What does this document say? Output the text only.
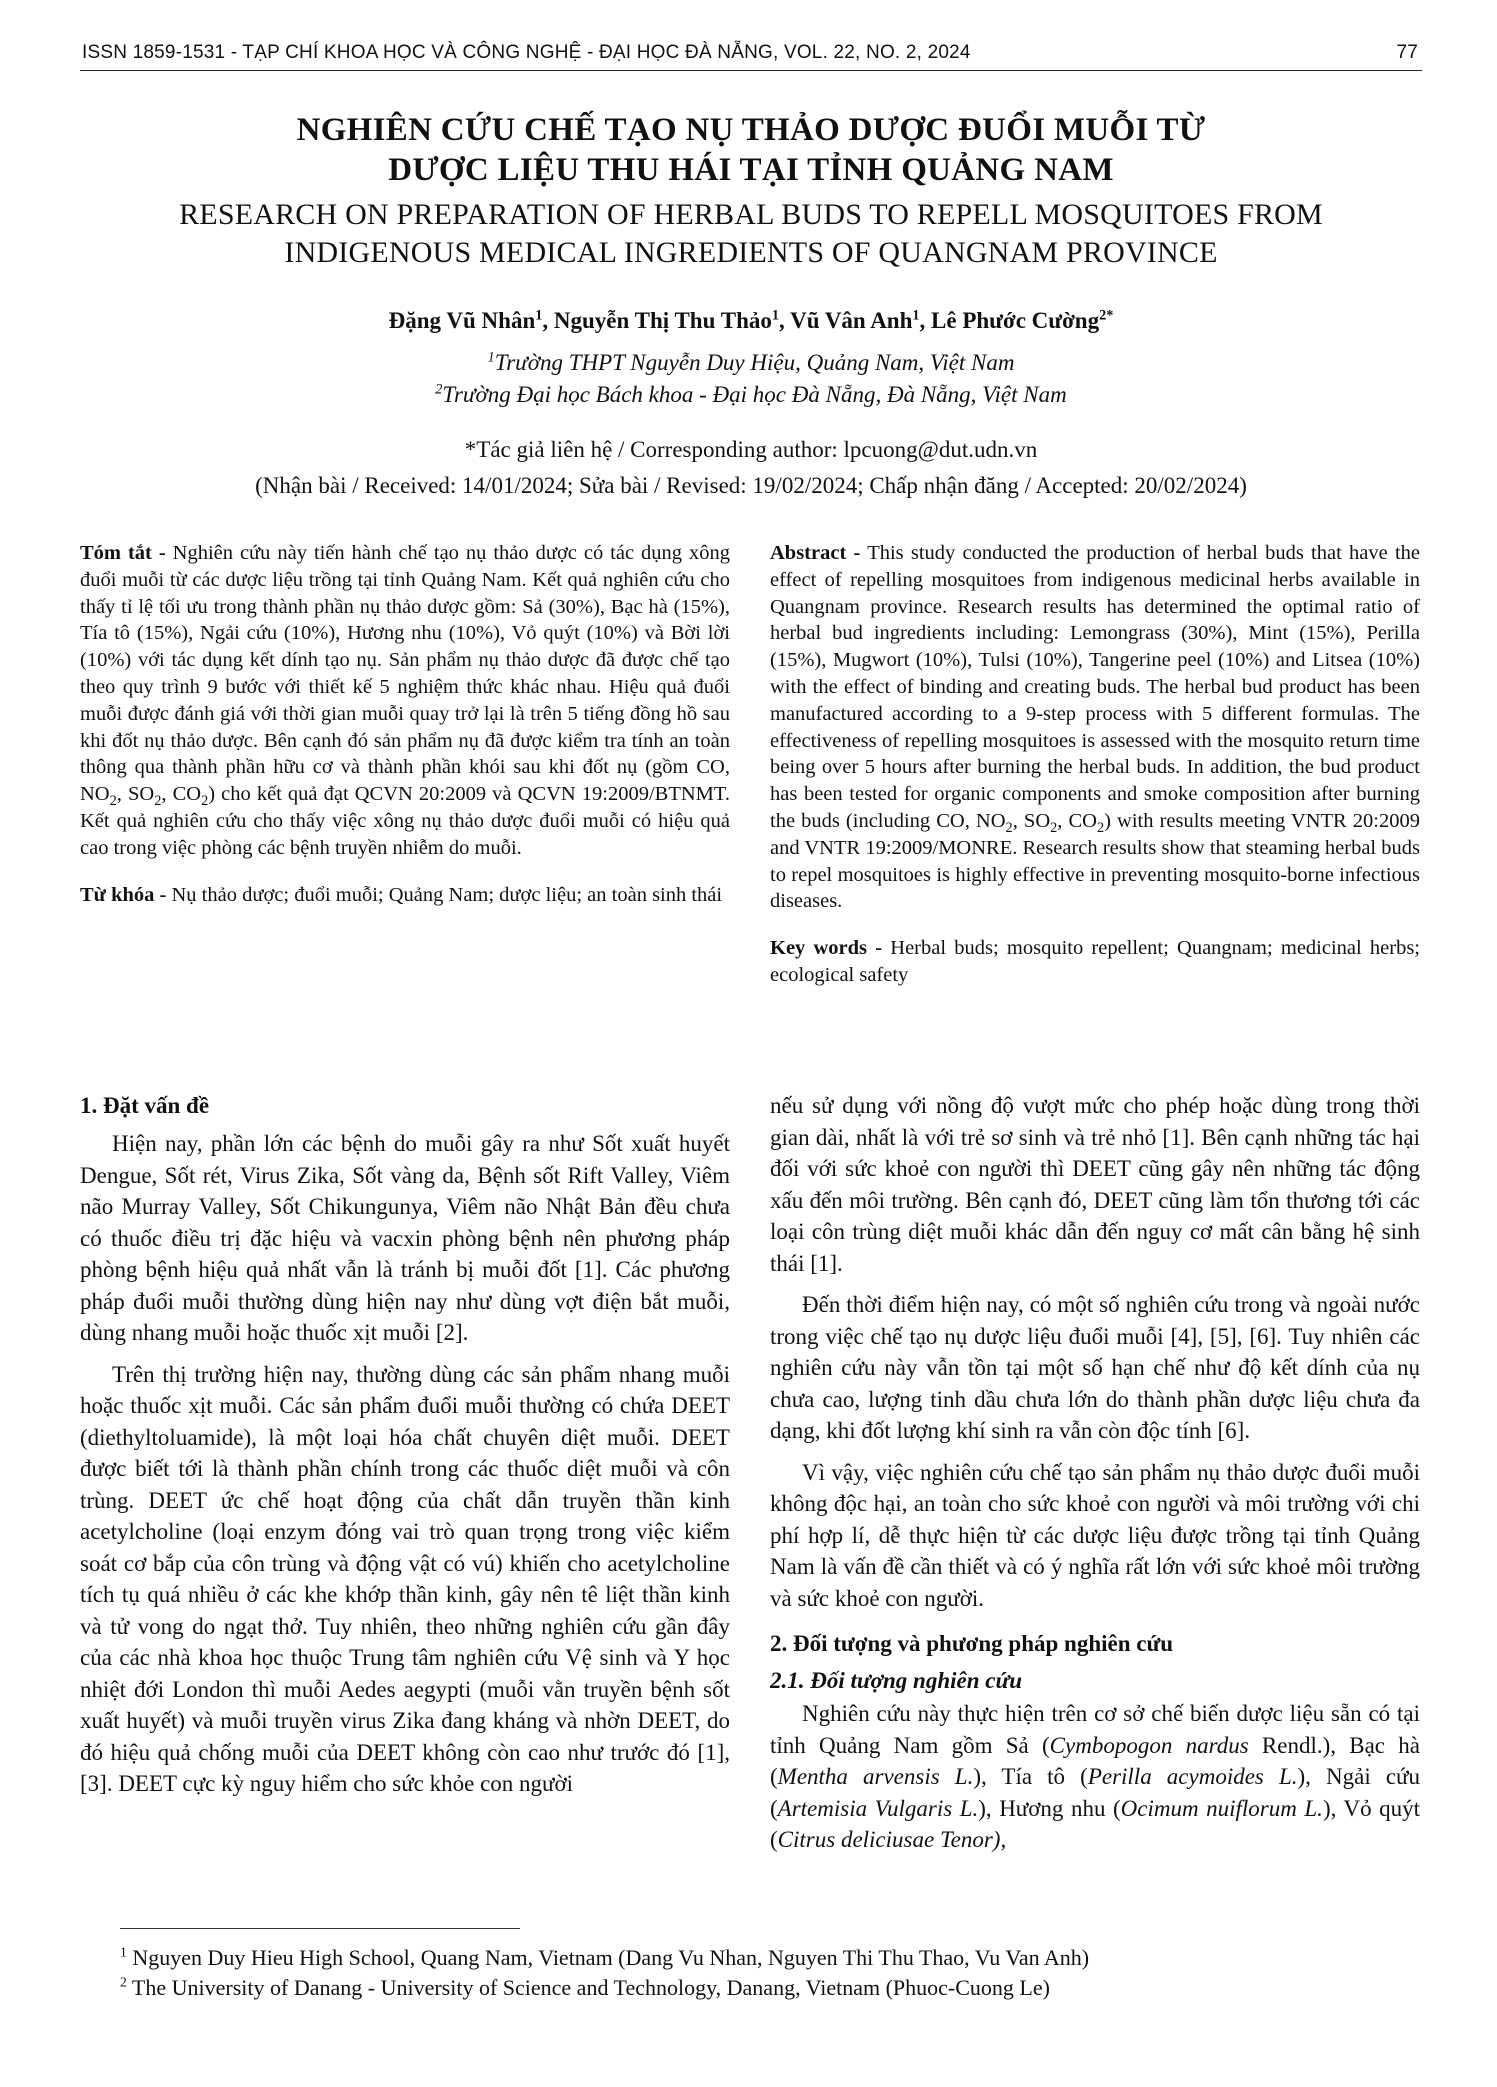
ISSN 1859-1531 - TẠP CHÍ KHOA HỌC VÀ CÔNG NGHỆ - ĐẠI HỌC ĐÀ NẴNG, VOL. 22, NO. 2, 2024	77
NGHIÊN CỨU CHẾ TẠO NỤ THẢO DƯỢC ĐUỔI MUỖI TỪ
DƯỢC LIỆU THU HÁI TẠI TỈNH QUẢNG NAM
RESEARCH ON PREPARATION OF HERBAL BUDS TO REPELL MOSQUITOES FROM
INDIGENOUS MEDICAL INGREDIENTS OF QUANGNAM PROVINCE
Đặng Vũ Nhân$^1$, Nguyễn Thị Thu Thảo$^1$, Vũ Vân Anh$^1$, Lê Phước Cường$^{2*}$
$^1$Trường THPT Nguyễn Duy Hiệu, Quảng Nam, Việt Nam
$^2$Trường Đại học Bách khoa - Đại học Đà Nẵng, Đà Nẵng, Việt Nam
*Tác giả liên hệ / Corresponding author: lpcuong@dut.udn.vn
(Nhận bài / Received: 14/01/2024; Sửa bài / Revised: 19/02/2024; Chấp nhận đăng / Accepted: 20/02/2024)

Tóm tắt - Nghiên cứu này tiến hành chế tạo nụ thảo dược có tác dụng xông đuổi muỗi từ các dược liệu trồng tại tỉnh Quảng Nam. Kết quả nghiên cứu cho thấy tỉ lệ tối ưu trong thành phần nụ thảo dược gồm: Sả (30%), Bạc hà (15%), Tía tô (15%), Ngải cứu (10%), Hương nhu (10%), Vỏ quýt (10%) và Bời lời (10%) với tác dụng kết dính tạo nụ. Sản phẩm nụ thảo dược đã được chế tạo theo quy trình 9 bước với thiết kế 5 nghiệm thức khác nhau. Hiệu quả đuổi muỗi được đánh giá với thời gian muỗi quay trở lại là trên 5 tiếng đồng hồ sau khi đốt nụ thảo dược. Bên cạnh đó sản phẩm nụ đã được kiểm tra tính an toàn thông qua thành phần hữu cơ và thành phần khói sau khi đốt nụ (gồm CO, $NO_2$, $SO_2$, $CO_2$) cho kết quả đạt QCVN 20:2009 và QCVN 19:2009/BTNMT. Kết quả nghiên cứu cho thấy việc xông nụ thảo dược đuổi muỗi có hiệu quả cao trong việc phòng các bệnh truyền nhiễm do muỗi.

Từ khóa - Nụ thảo dược; đuổi muỗi; Quảng Nam; dược liệu; an toàn sinh thái

Abstract - This study conducted the production of herbal buds that have the effect of repelling mosquitoes from indigenous medicinal herbs available in Quangnam province. Research results has determined the optimal ratio of herbal bud ingredients including: Lemongrass (30%), Mint (15%), Perilla (15%), Mugwort (10%), Tulsi (10%), Tangerine peel (10%) and Litsea (10%) with the effect of binding and creating buds. The herbal bud product has been manufactured according to a 9-step process with 5 different formulas. The effectiveness of repelling mosquitoes is assessed with the mosquito return time being over 5 hours after burning the herbal buds. In addition, the bud product has been tested for organic components and smoke composition after burning the buds (including CO, $NO_2$, $SO_2$, $CO_2$) with results meeting VNTR 20:2009 and VNTR 19:2009/MONRE. Research results show that steaming herbal buds to repel mosquitoes is highly effective in preventing mosquito-borne infectious diseases.

Key words - Herbal buds; mosquito repellent; Quangnam; medicinal herbs; ecological safety

1. Đặt vấn đề

Hiện nay, phần lớn các bệnh do muỗi gây ra như Sốt xuất huyết Dengue, Sốt rét, Virus Zika, Sốt vàng da, Bệnh sốt Rift Valley, Viêm não Murray Valley, Sốt Chikungunya, Viêm não Nhật Bản đều chưa có thuốc điều trị đặc hiệu và vacxin phòng bệnh nên phương pháp phòng bệnh hiệu quả nhất vẫn là tránh bị muỗi đốt [1]. Các phương pháp đuổi muỗi thường dùng hiện nay như dùng vợt điện bắt muỗi, dùng nhang muỗi hoặc thuốc xịt muỗi [2].

Trên thị trường hiện nay, thường dùng các sản phẩm nhang muỗi hoặc thuốc xịt muỗi. Các sản phẩm đuổi muỗi thường có chứa DEET (diethyltoluamide), là một loại hóa chất chuyên diệt muỗi. DEET được biết tới là thành phần chính trong các thuốc diệt muỗi và côn trùng. DEET ức chế hoạt động của chất dẫn truyền thần kinh acetylcholine (loại enzym đóng vai trò quan trọng trong việc kiểm soát cơ bắp của côn trùng và động vật có vú) khiến cho acetylcholine tích tụ quá nhiều ở các khe khớp thần kinh, gây nên tê liệt thần kinh và tử vong do ngạt thở. Tuy nhiên, theo những nghiên cứu gần đây của các nhà khoa học thuộc Trung tâm nghiên cứu Vệ sinh và Y học nhiệt đới London thì muỗi Aedes aegypti (muỗi vằn truyền bệnh sốt xuất huyết) và muỗi truyền virus Zika đang kháng và nhờn DEET, do đó hiệu quả chống muỗi của DEET không còn cao như trước đó [1], [3]. DEET cực kỳ nguy hiểm cho sức khỏe con người

nếu sử dụng với nồng độ vượt mức cho phép hoặc dùng trong thời gian dài, nhất là với trẻ sơ sinh và trẻ nhỏ [1]. Bên cạnh những tác hại đối với sức khoẻ con người thì DEET cũng gây nên những tác động xấu đến môi trường. Bên cạnh đó, DEET cũng làm tổn thương tới các loại côn trùng diệt muỗi khác dẫn đến nguy cơ mất cân bằng hệ sinh thái [1].

Đến thời điểm hiện nay, có một số nghiên cứu trong và ngoài nước trong việc chế tạo nụ dược liệu đuổi muỗi [4], [5], [6]. Tuy nhiên các nghiên cứu này vẫn tồn tại một số hạn chế như độ kết dính của nụ chưa cao, lượng tinh dầu chưa lớn do thành phần dược liệu chưa đa dạng, khi đốt lượng khí sinh ra vẫn còn độc tính [6].

Vì vậy, việc nghiên cứu chế tạo sản phẩm nụ thảo dược đuổi muỗi không độc hại, an toàn cho sức khoẻ con người và môi trường với chi phí hợp lí, dễ thực hiện từ các dược liệu được trồng tại tỉnh Quảng Nam là vấn đề cần thiết và có ý nghĩa rất lớn với sức khoẻ môi trường và sức khoẻ con người.

2. Đối tượng và phương pháp nghiên cứu
2.1. Đối tượng nghiên cứu

Nghiên cứu này thực hiện trên cơ sở chế biến dược liệu sẵn có tại tỉnh Quảng Nam gồm Sả (Cymbopogon nardus Rendl.), Bạc hà (Mentha arvensis L.), Tía tô (Perilla acymoides L.), Ngải cứu (Artemisia Vulgaris L.), Hương nhu (Ocimum nuiflorum L.), Vỏ quýt (Citrus deliciusae Tenor),

$^1$ Nguyen Duy Hieu High School, Quang Nam, Vietnam (Dang Vu Nhan, Nguyen Thi Thu Thao, Vu Van Anh)
$^2$ The University of Danang - University of Science and Technology, Danang, Vietnam (Phuoc-Cuong Le)
